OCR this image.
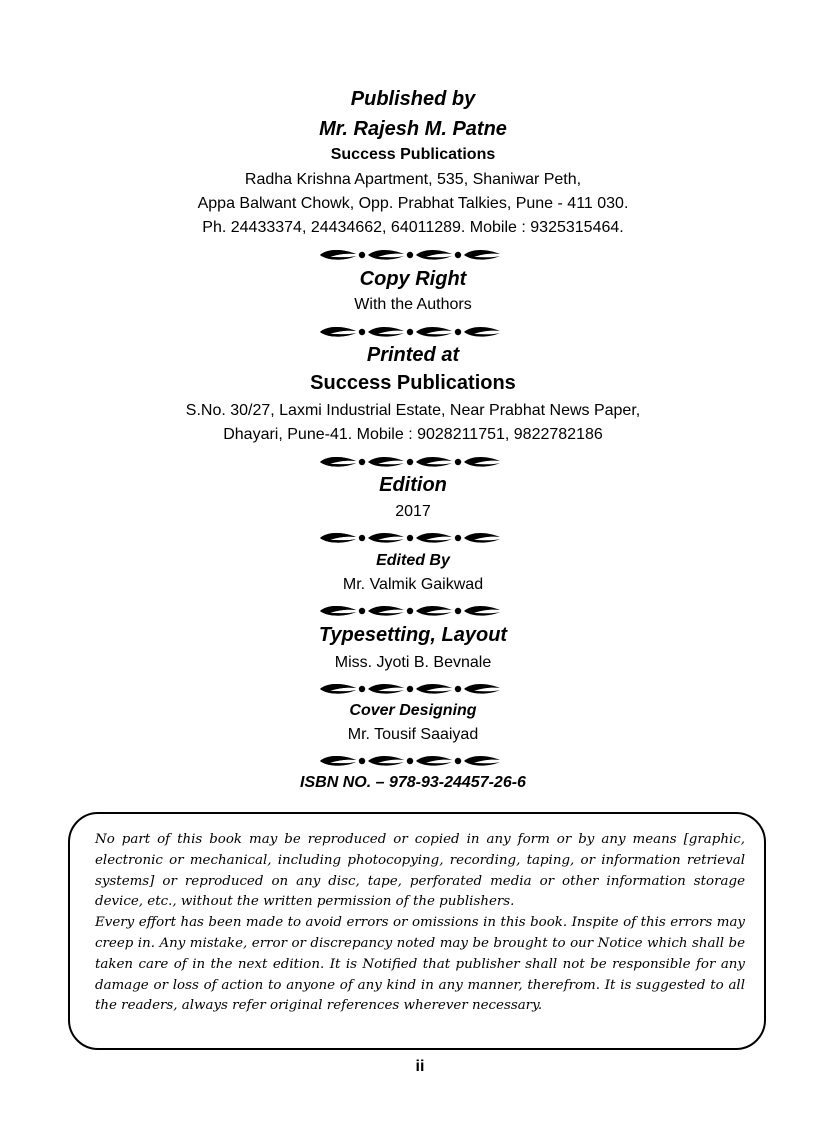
Published by
Mr. Rajesh M. Patne
Success Publications
Radha Krishna Apartment, 535, Shaniwar Peth,
Appa Balwant Chowk, Opp. Prabhat Talkies, Pune - 411 030.
Ph. 24433374, 24434662, 64011289. Mobile : 9325315464.
Copy Right
With the Authors
Printed at
Success Publications
S.No. 30/27, Laxmi Industrial Estate, Near Prabhat News Paper,
Dhayari, Pune-41. Mobile : 9028211751, 9822782186
Edition
2017
Edited By
Mr. Valmik Gaikwad
Typesetting, Layout
Miss. Jyoti B. Bevnale
Cover Designing
Mr. Tousif Saaiyad
ISBN NO. – 978-93-24457-26-6

No part of this book may be reproduced or copied in any form or by any means [graphic, electronic or mechanical, including photocopying, recording, taping, or information retrieval systems] or reproduced on any disc, tape, perforated media or other information storage device, etc., without the written permission of the publishers.

Every effort has been made to avoid errors or omissions in this book. Inspite of this errors may creep in. Any mistake, error or discrepancy noted may be brought to our Notice which shall be taken care of in the next edition. It is Notified that publisher shall not be responsible for any damage or loss of action to anyone of any kind in any manner, therefrom. It is suggested to all the readers, always refer original references wherever necessary.

ii
